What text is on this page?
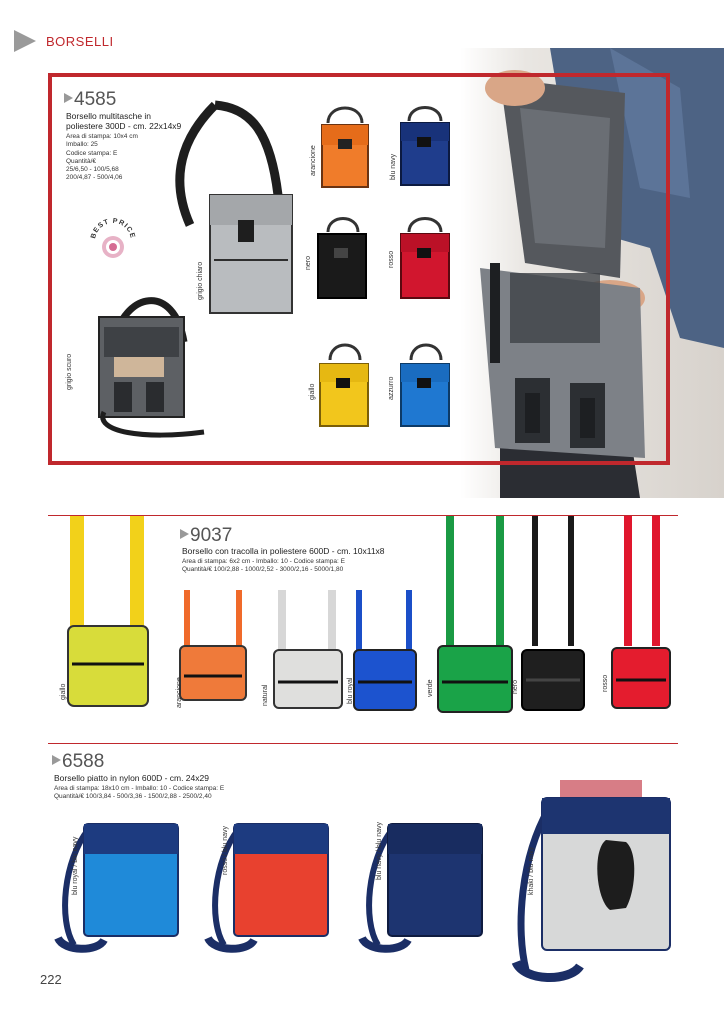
BORSELLI
4585
Borsello multitasche in
poliestere 300D - cm. 22x14x9
Area di stampa: 10x4 cm
Imballo: 25
Codice stampa: E
Quantità/€
25/6,50 - 100/5,68
200/4,87 - 500/4,06
BEST PRICE
grigio chiaro
grigio scuro
arancione	blu navy
nero	rosso
giallo	azzurro
9037
Borsello con tracolla in poliestere 600D - cm. 10x11x8
Area di stampa: 6x2 cm - Imballo: 10 - Codice stampa: E
Quantità/€ 100/2,88 - 1000/2,52 - 3000/2,16 - 5000/1,80
giallo	arancione	natural	blu royal	verde	nero	rosso
6588
Borsello piatto in nylon 600D - cm. 24x29
Area di stampa: 18x10 cm - Imballo: 10 - Codice stampa: E
Quantità/€ 100/3,84 - 500/3,36 - 1500/2,88 - 2500/2,40
blu royal / blu navy	rosso / blu navy	blu navy / blu navy	khaki / blu navy
222
